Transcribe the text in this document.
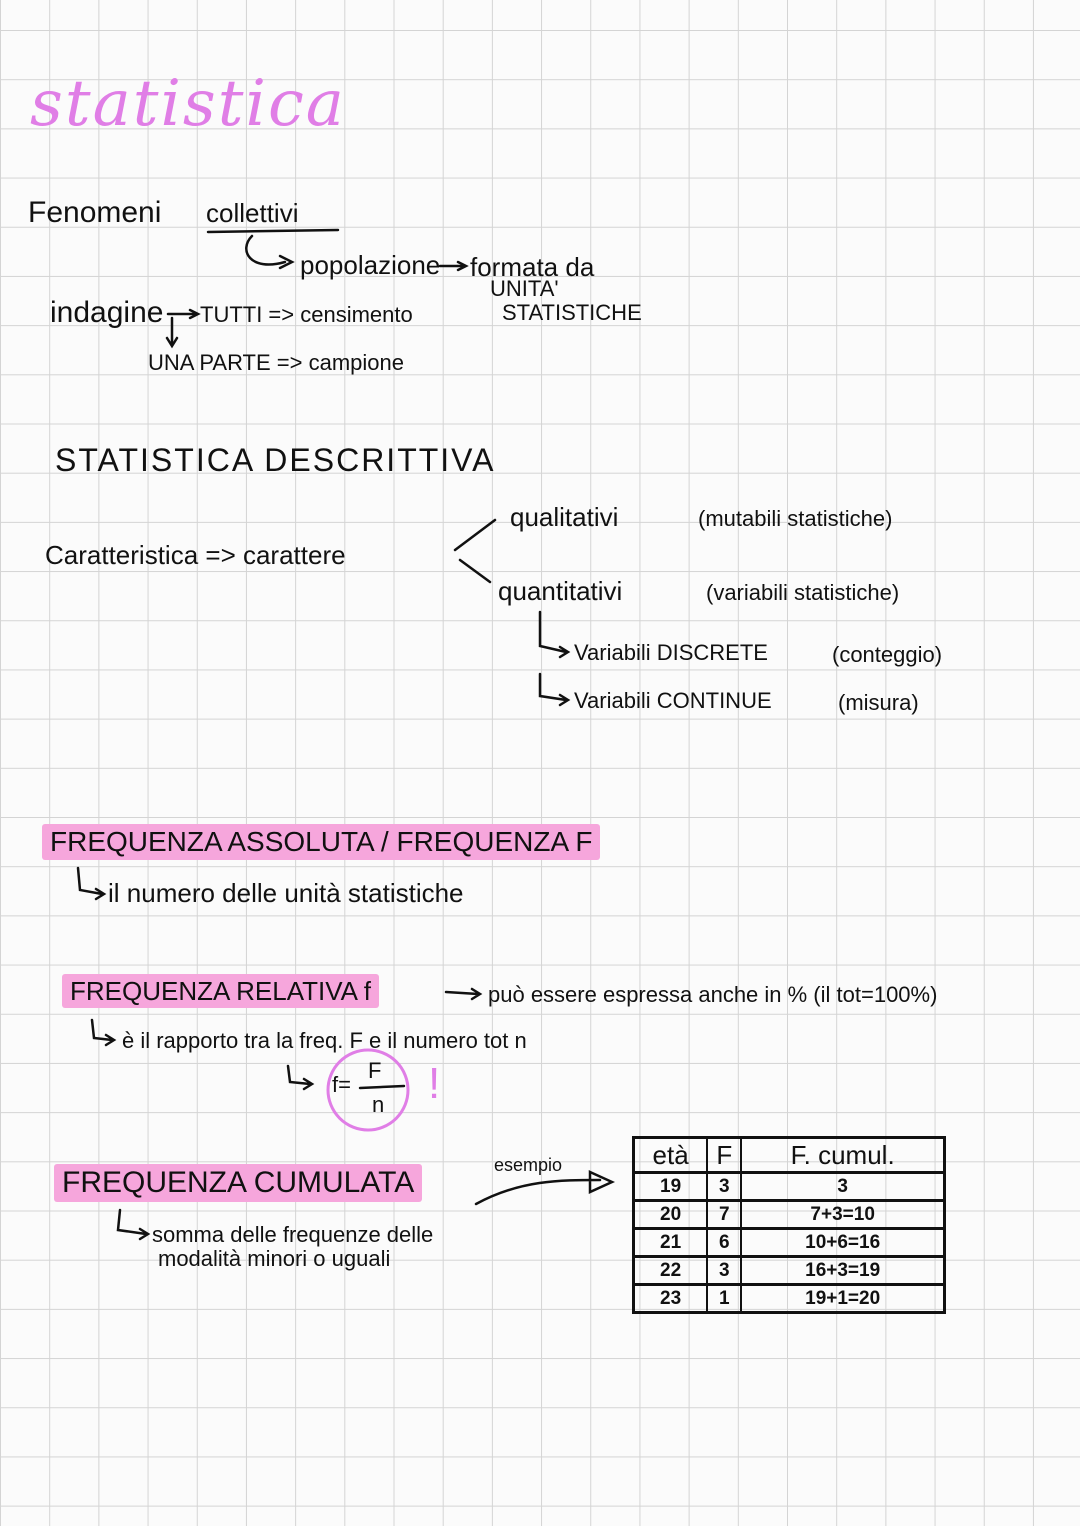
statistica
Fenomeni collettivi
popolazione formata da
UNITA'
STATISTICHE
indagine TUTTI => censimento
UNA PARTE => campione
STATISTICA DESCRITTIVA
Caratteristica => carattere
qualitativi	(mutabili statistiche)
quantitativi	(variabili statistiche)
Variabili DISCRETE	(conteggio)
Variabili CONTINUE	(misura)
FREQUENZA ASSOLUTA / FREQUENZA F
il numero delle unità statistiche
FREQUENZA RELATIVA f	può essere espressa anche in % (il tot=100%)
è il rapporto tra la freq. F e il numero tot n
f=
F
n !
FREQUENZA CUMULATA
esempio
somma delle frequenze delle
modalità minori o uguali
età	F	F. cumul.
19	3	3
20	7	7+3=10
21	6	10+6=16
22	3	16+3=19
23	1	19+1=20
